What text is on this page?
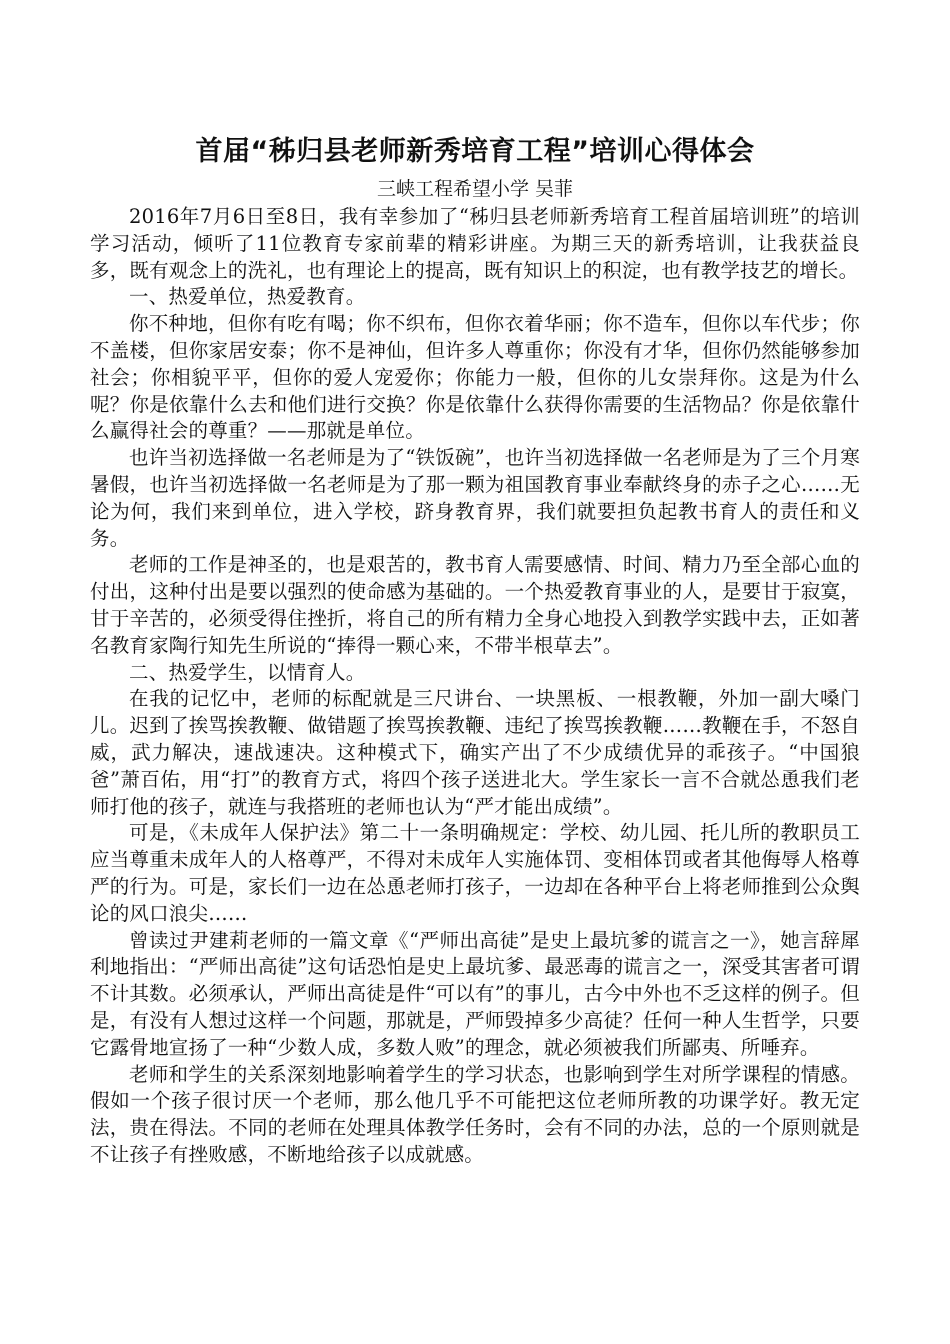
首届“秭归县老师新秀培育工程”培训心得体会

三峡工程希望小学 吴菲

2016年7月6日至8日，我有幸参加了“秭归县老师新秀培育工程首届培训班”的培训学习活动，倾听了11位教育专家前辈的精彩讲座。为期三天的新秀培训，让我获益良多，既有观念上的洗礼，也有理论上的提高，既有知识上的积淀，也有教学技艺的增长。

一、热爱单位，热爱教育。

你不种地，但你有吃有喝；你不织布，但你衣着华丽；你不造车，但你以车代步；你不盖楼，但你家居安泰；你不是神仙，但许多人尊重你；你没有才华，但你仍然能够参加社会；你相貌平平，但你的爱人宠爱你；你能力一般，但你的儿女崇拜你。这是为什么呢？你是依靠什么去和他们进行交换？你是依靠什么获得你需要的生活物品？你是依靠什么赢得社会的尊重？——那就是单位。

也许当初选择做一名老师是为了“铁饭碗”，也许当初选择做一名老师是为了三个月寒暑假，也许当初选择做一名老师是为了那一颗为祖国教育事业奉献终身的赤子之心……无论为何，我们来到单位，进入学校，跻身教育界，我们就要担负起教书育人的责任和义务。

老师的工作是神圣的，也是艰苦的，教书育人需要感情、时间、精力乃至全部心血的付出，这种付出是要以强烈的使命感为基础的。一个热爱教育事业的人，是要甘于寂寞，甘于辛苦的，必须受得住挫折，将自己的所有精力全身心地投入到教学实践中去，正如著名教育家陶行知先生所说的“捧得一颗心来，不带半根草去”。

二、热爱学生，以情育人。

在我的记忆中，老师的标配就是三尺讲台、一块黑板、一根教鞭，外加一副大嗓门儿。迟到了挨骂挨教鞭、做错题了挨骂挨教鞭、违纪了挨骂挨教鞭……教鞭在手，不怒自威，武力解决，速战速决。这种模式下，确实产出了不少成绩优异的乖孩子。“中国狼爸”萧百佑，用“打”的教育方式，将四个孩子送进北大。学生家长一言不合就怂恿我们老师打他的孩子，就连与我搭班的老师也认为“严才能出成绩”。

可是，《未成年人保护法》第二十一条明确规定：学校、幼儿园、托儿所的教职员工应当尊重未成年人的人格尊严，不得对未成年人实施体罚、变相体罚或者其他侮辱人格尊严的行为。可是，家长们一边在怂恿老师打孩子，一边却在各种平台上将老师推到公众舆论的风口浪尖……

曾读过尹建莉老师的一篇文章《“严师出高徒”是史上最坑爹的谎言之一》，她言辞犀利地指出：“严师出高徒”这句话恐怕是史上最坑爹、最恶毒的谎言之一，深受其害者可谓不计其数。必须承认，严师出高徒是件“可以有”的事儿，古今中外也不乏这样的例子。但是，有没有人想过这样一个问题，那就是，严师毁掉多少高徒？任何一种人生哲学，只要它露骨地宣扬了一种“少数人成，多数人败”的理念，就必须被我们所鄙夷、所唾弃。

老师和学生的关系深刻地影响着学生的学习状态，也影响到学生对所学课程的情感。假如一个孩子很讨厌一个老师，那么他几乎不可能把这位老师所教的功课学好。教无定法，贵在得法。不同的老师在处理具体教学任务时，会有不同的办法，总的一个原则就是不让孩子有挫败感，不断地给孩子以成就感。
